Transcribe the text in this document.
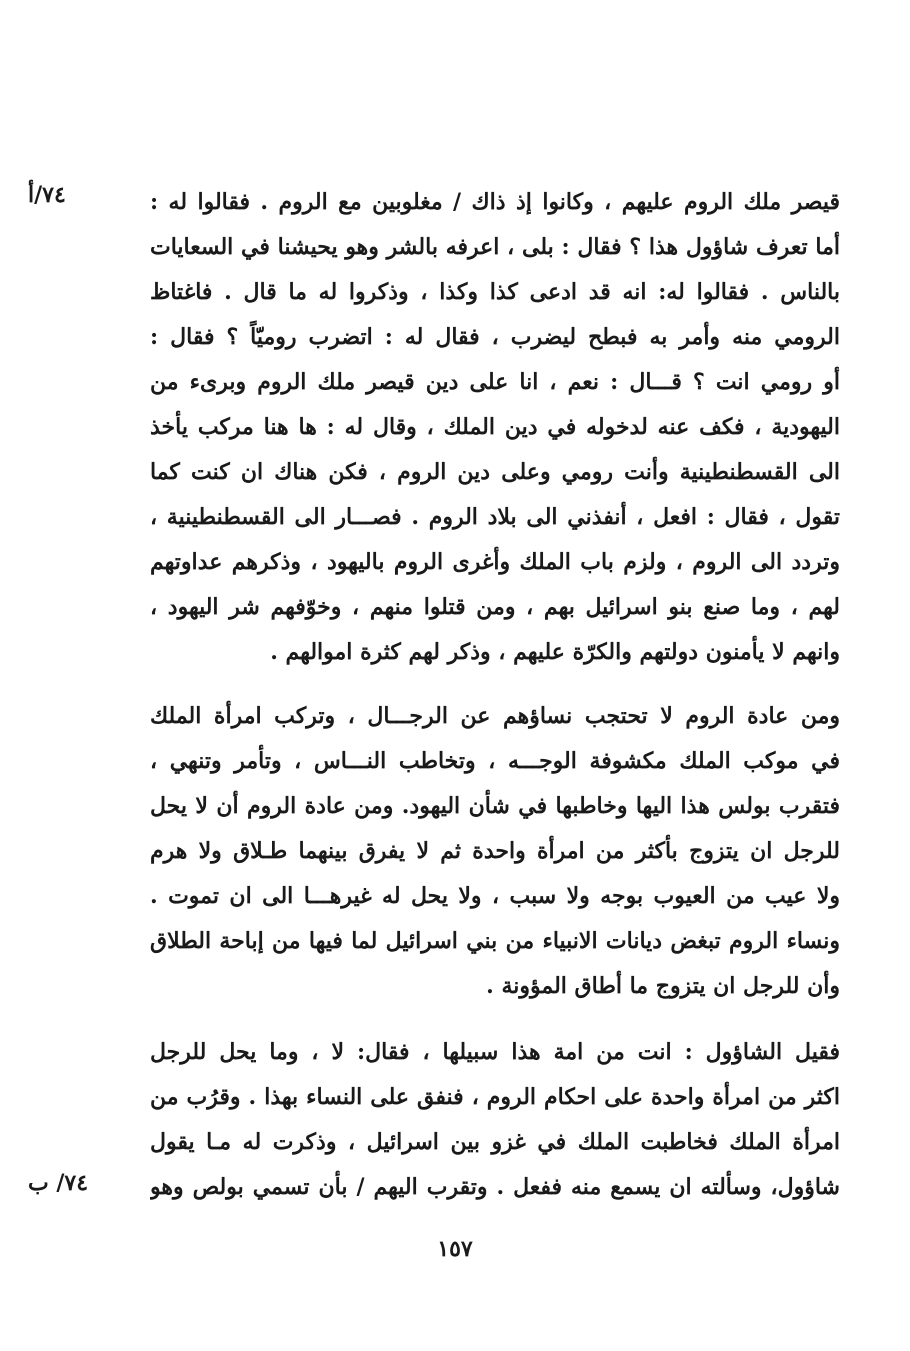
٧٤/أ
٧٤/ ب
قيصر ملك الروم عليهم ، وكانوا إذ ذاك / مغلوبين مع الروم . فقالوا له :
أما تعرف شاؤول هذا ؟ فقال : بلى ، اعرفه بالشر وهو يحيشنا في السعايات
بالناس . فقالوا له: انه قد ادعى كذا وكذا ، وذكروا له ما قال . فاغتاظ
الرومي منه وأمر به فبطح ليضرب ، فقال له : اتضرب روميّاً ؟ فقال :
أو رومي انت ؟ قـــال : نعم ، انا على دين قيصر ملك الروم وبرىء من
اليهودية ، فكف عنه لدخوله في دين الملك ، وقال له : ها هنا مركب يأخذ
الى القسطنطينية وأنت رومي وعلى دين الروم ، فكن هناك ان كنت كما
تقول ، فقال : افعل ، أنفذني الى بلاد الروم . فصـــار الى القسطنطينية ،
وتردد الى الروم ، ولزم باب الملك وأغرى الروم باليهود ، وذكرهم عداوتهم
لهم ، وما صنع بنو اسرائيل بهم ، ومن قتلوا منهم ، وخوّفهم شر اليهود ،
وانهم لا يأمنون دولتهم والكرّة عليهم ، وذكر لهم كثرة اموالهم .
ومن عادة الروم لا تحتجب نساؤهم عن الرجـــال ، وتركب امرأة الملك
في موكب الملك مكشوفة الوجـــه ، وتخاطب النـــاس ، وتأمر وتنهي ،
فتقرب بولس هذا اليها وخاطبها في شأن اليهود. ومن عادة الروم أن لا يحل
للرجل ان يتزوج بأكثر من امرأة واحدة ثم لا يفرق بينهما طـلاق ولا هرم
ولا عيب من العيوب بوجه ولا سبب ، ولا يحل له غيرهـــا الى ان تموت .
ونساء الروم تبغض ديانات الانبياء من بني اسرائيل لما فيها من إباحة الطلاق
وأن للرجل ان يتزوج ما أطاق المؤونة .
فقيل الشاؤول : انت من امة هذا سبيلها ، فقال: لا ، وما يحل للرجل
اكثر من امرأة واحدة على احكام الروم ، فنفق على النساء بهذا . وقرُب من
امرأة الملك فخاطبت الملك في غزو بين اسرائيل ، وذكرت له مـا يقول
شاؤول، وسألته ان يسمع منه ففعل . وتقرب اليهم / بأن تسمي بولص وهو
١٥٧
